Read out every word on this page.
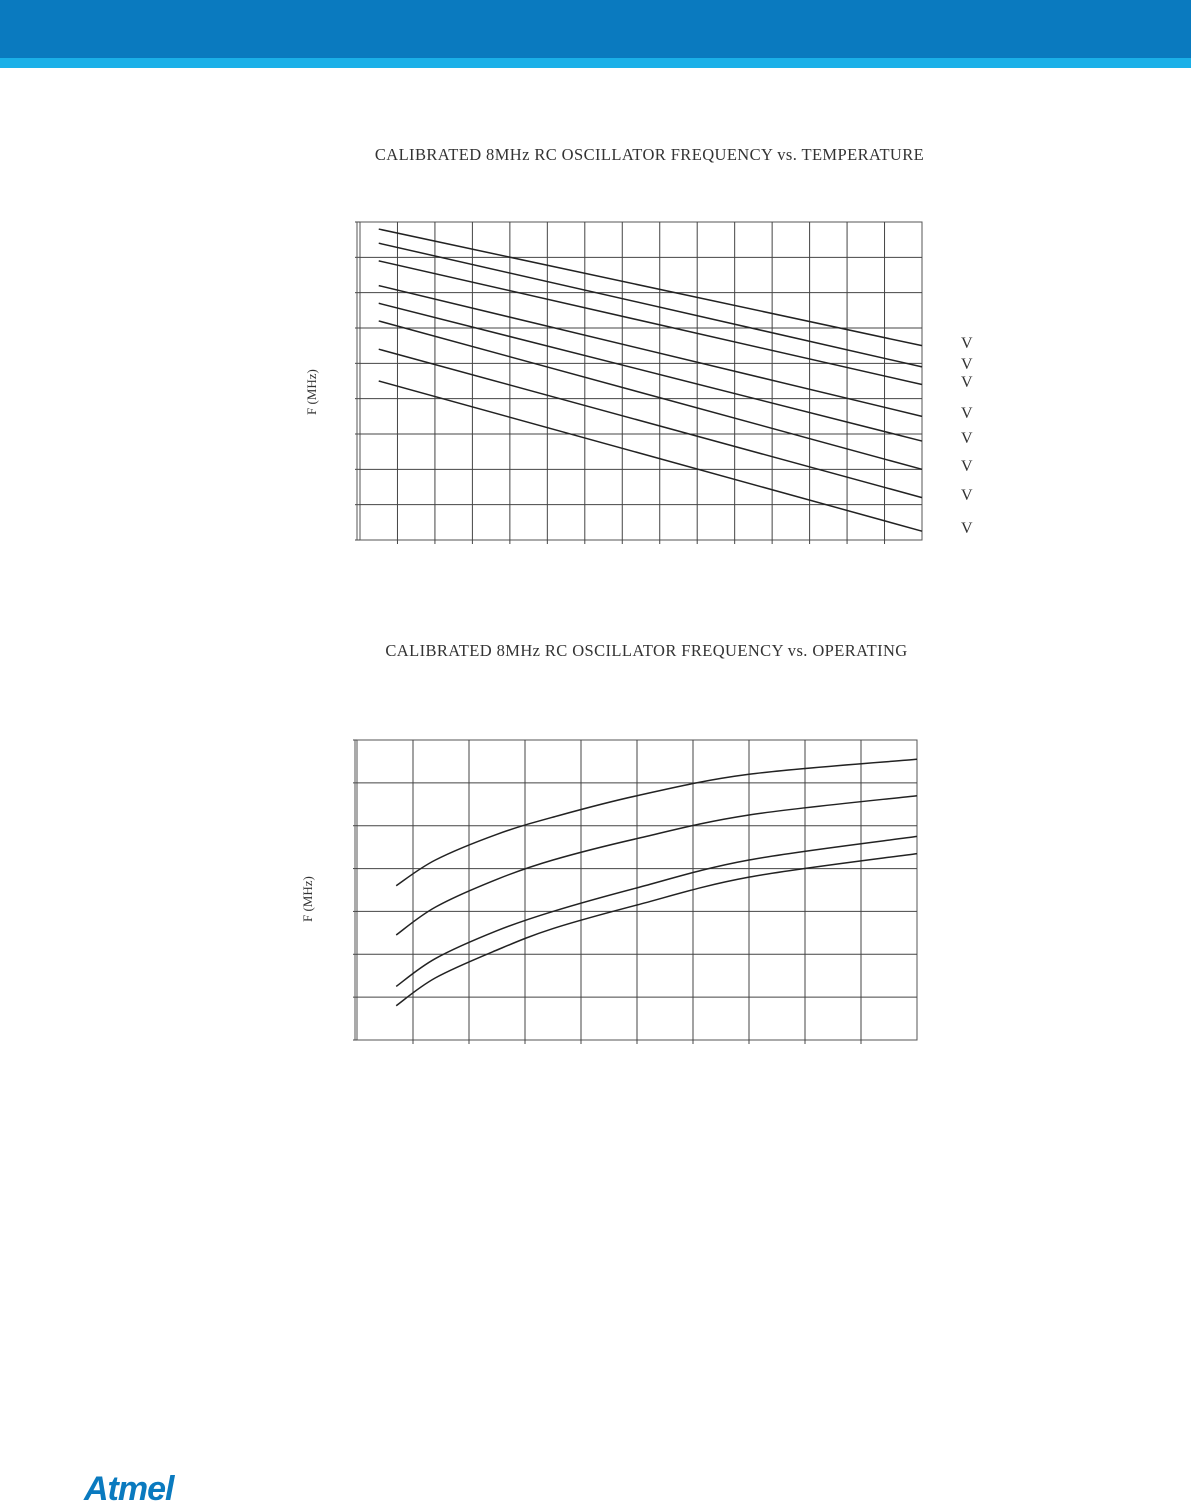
CALIBRATED 8MHz RC OSCILLATOR FREQUENCY vs. TEMPERATURE
F (MHz)
V
V
V
V
V
V
V
V
CALIBRATED 8MHz RC OSCILLATOR FREQUENCY vs. OPERATING
F (MHz)
Atmel
